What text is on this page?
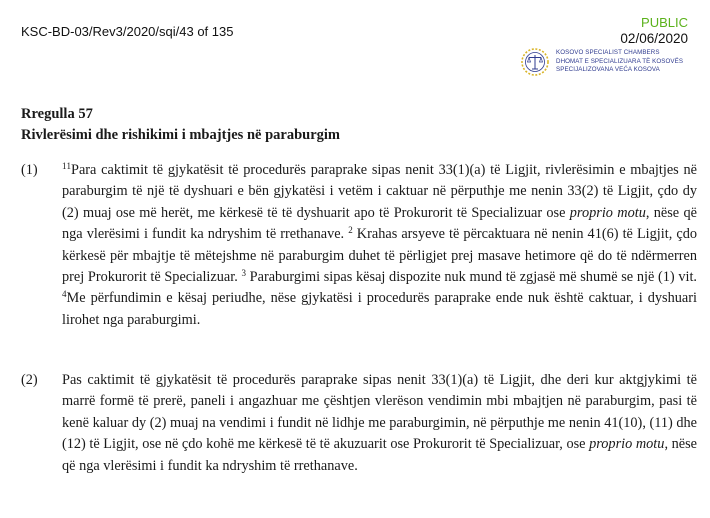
KSC-BD-03/Rev3/2020/sqi/43 of 135
PUBLIC
02/06/2020
KOSOVO SPECIALIST CHAMBERS
DHOMAT E SPECIALIZUARA TË KOSOVËS
SPECIJALIZOVANA VEĆA KOSOVA
Rregulla 57
Rivlerësimi dhe rishikimi i mbajtjes në paraburgim
(1)	$^{11}$Para caktimit të gjykatësit të procedurës paraprake sipas nenit 33(1)(a) të Ligjit, rivlerësimin e mbajtjes në paraburgim të një të dyshuari e bën gjykatësi i vetëm i caktuar në përputhje me nenin 33(2) të Ligjit, çdo dy (2) muaj ose më herët, me kërkesë të të dyshuarit apo të Prokurorit të Specializuar ose proprio motu, nëse që nga vlerësimi i fundit ka ndryshim të rrethanave. $^2$ Krahas arsyeve të përcaktuara në nenin 41(6) të Ligjit, çdo kërkesë për mbajtje të mëtejshme në paraburgim duhet të përligjet prej masave hetimore që do të ndërmerren prej Prokurorit të Specializuar. $^3$ Paraburgimi sipas kësaj dispozite nuk mund të zgjasë më shumë se një (1) vit. $^4$Me përfundimin e kësaj periudhe, nëse gjykatësi i procedurës paraprake ende nuk është caktuar, i dyshuari lirohet nga paraburgimi.
(2) Pas caktimit të gjykatësit të procedurës paraprake sipas nenit 33(1)(a) të Ligjit, dhe deri kur aktgjykimi të marrë formë të prerë, paneli i angazhuar me çështjen vlerëson vendimin mbi mbajtjen në paraburgim, pasi të kenë kaluar dy (2) muaj na vendimi i fundit në lidhje me paraburgimin, në përputhje me nenin 41(10), (11) dhe (12) të Ligjit, ose në çdo kohë me kërkesë të të akuzuarit ose Prokurorit të Specializuar, ose proprio motu, nëse që nga vlerësimi i fundit ka ndryshim të rrethanave.
